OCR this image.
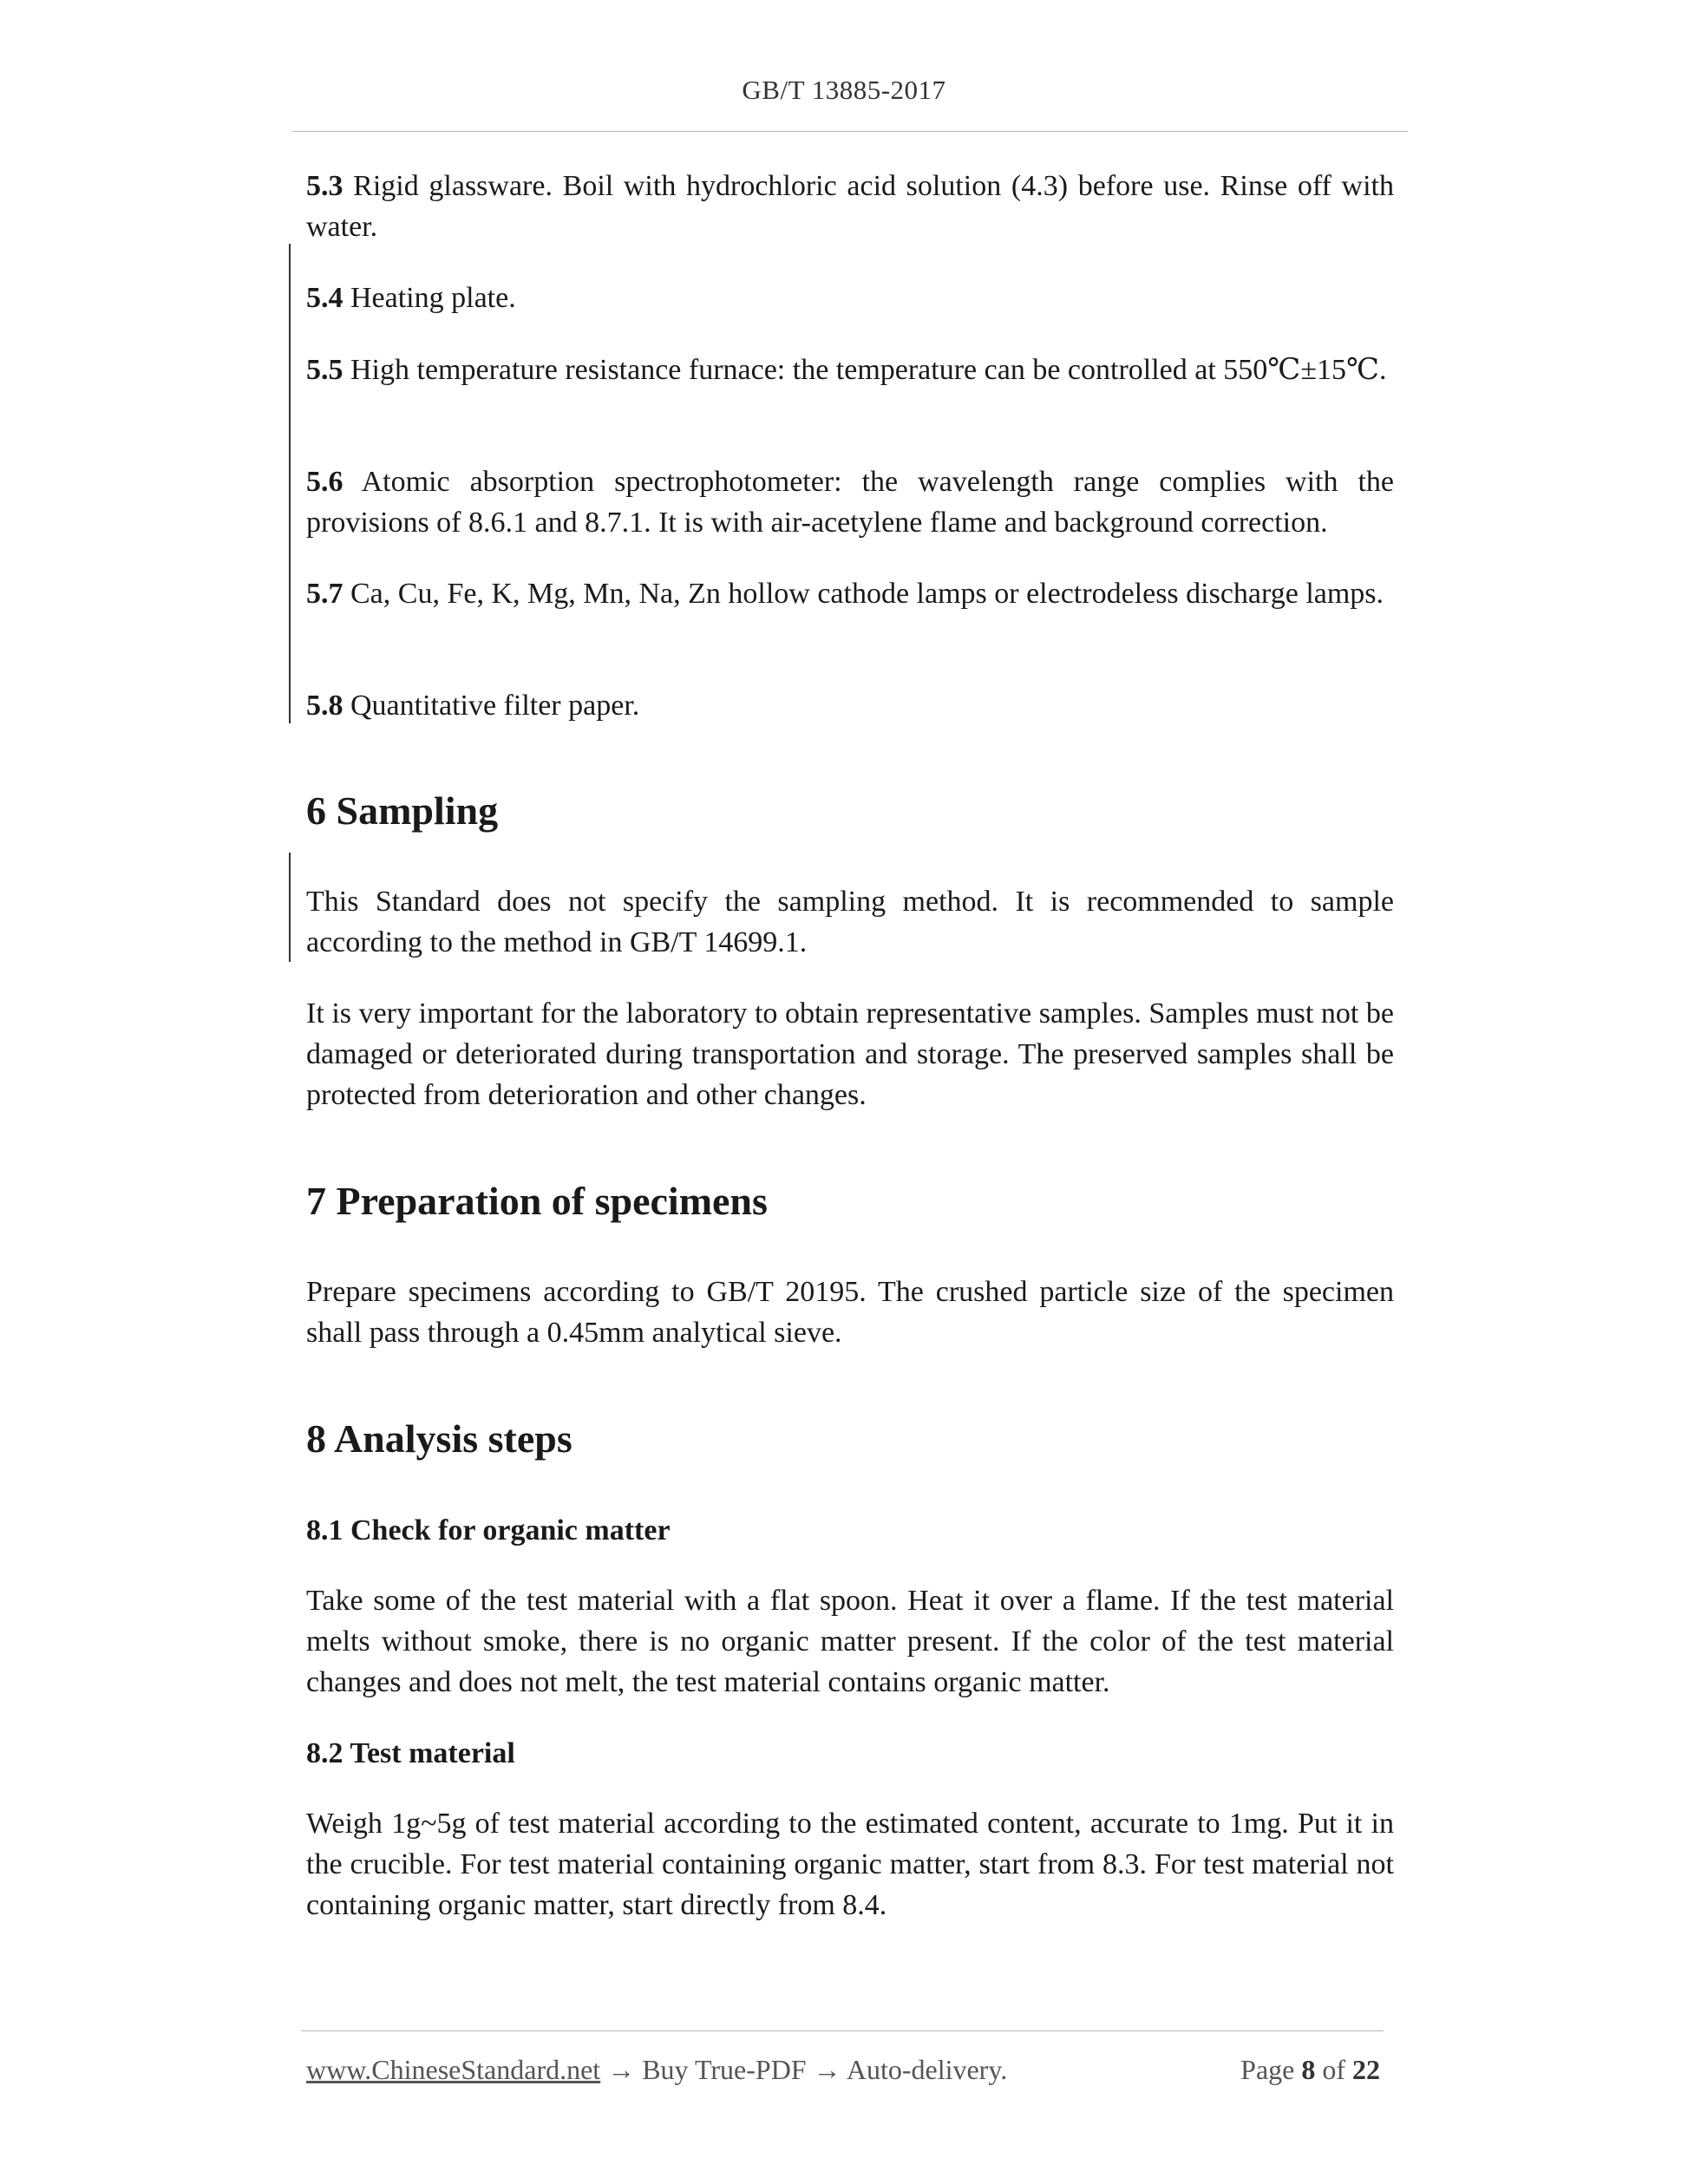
GB/T 13885-2017

5.3 Rigid glassware. Boil with hydrochloric acid solution (4.3) before use. Rinse off with water.

5.4 Heating plate.

5.5 High temperature resistance furnace: the temperature can be controlled at 550℃±15℃.

5.6 Atomic absorption spectrophotometer: the wavelength range complies with the provisions of 8.6.1 and 8.7.1. It is with air-acetylene flame and background correction.

5.7 Ca, Cu, Fe, K, Mg, Mn, Na, Zn hollow cathode lamps or electrodeless discharge lamps.

5.8 Quantitative filter paper.

6 Sampling

This Standard does not specify the sampling method. It is recommended to sample according to the method in GB/T 14699.1.

It is very important for the laboratory to obtain representative samples. Samples must not be damaged or deteriorated during transportation and storage. The preserved samples shall be protected from deterioration and other changes.

7 Preparation of specimens

Prepare specimens according to GB/T 20195. The crushed particle size of the specimen shall pass through a 0.45mm analytical sieve.

8 Analysis steps
8.1 Check for organic matter

Take some of the test material with a flat spoon. Heat it over a flame. If the test material melts without smoke, there is no organic matter present. If the color of the test material changes and does not melt, the test material contains organic matter.

8.2 Test material

Weigh 1g~5g of test material according to the estimated content, accurate to 1mg. Put it in the crucible. For test material containing organic matter, start from 8.3. For test material not containing organic matter, start directly from 8.4.

www.ChineseStandard.net → Buy True-PDF → Auto-delivery.	Page 8 of 22
